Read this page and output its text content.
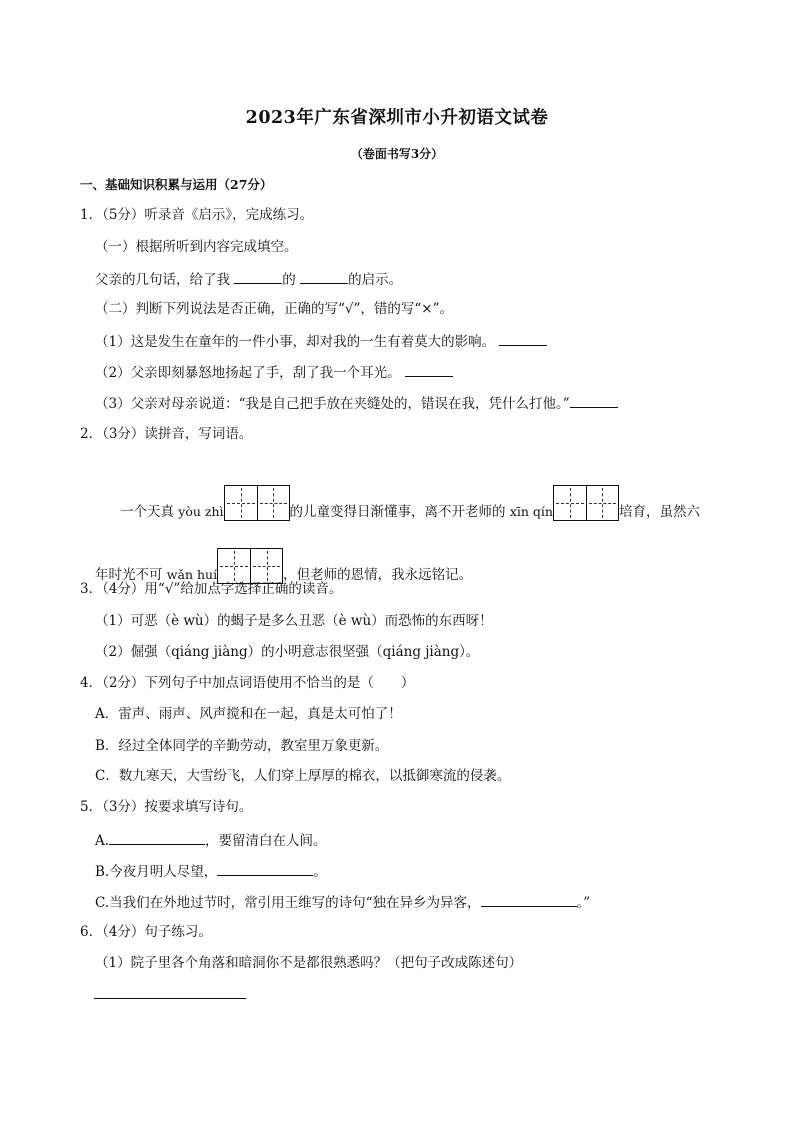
2023年广东省深圳市小升初语文试卷
（卷面书写3分）
一、基础知识积累与运用（27分）
1．（5分）听录音《启示》，完成练习。
（一）根据所听到内容完成填空。
父亲的几句话，给了我	的	的启示。
（二）判断下列说法是否正确，正确的写“√”，错的写“×”。
（1）这是发生在童年的一件小事，却对我的一生有着莫大的影响。
（2）父亲即刻暴怒地扬起了手，刮了我一个耳光。
（3）父亲对母亲说道：“我是自己把手放在夹缝处的，错误在我，凭什么打他。”
2．（3分）读拼音，写词语。
一个天真 yòu zhì	的儿童变得日渐懂事，离不开老师的 xīn qín	培育，虽然六
年时光不可 wǎn huí	，但老师的恩情，我永远铭记。
3．（4分）用“√”给加点字选择正确的读音。
（1）可恶（è wù）的蝎子是多么丑恶（è wù）而恐怖的东西呀！
（2）倔强（qiáng jiàng）的小明意志很坚强（qiáng jiàng）。
4．（2分）下列句子中加点词语使用不恰当的是（　　）
A．雷声、雨声、风声搅和在一起，真是太可怕了！
B．经过全体同学的辛勤劳动，教室里万象更新。
C．数九寒天，大雪纷飞，人们穿上厚厚的棉衣，以抵御寒流的侵袭。
5．（3分）按要求填写诗句。
A.	，要留清白在人间。
B.今夜月明人尽望，	。
C.当我们在外地过节时，常引用王维写的诗句“独在异乡为异客，	。”
6．（4分）句子练习。
（1）院子里各个角落和暗洞你不是都很熟悉吗？（把句子改成陈述句）
